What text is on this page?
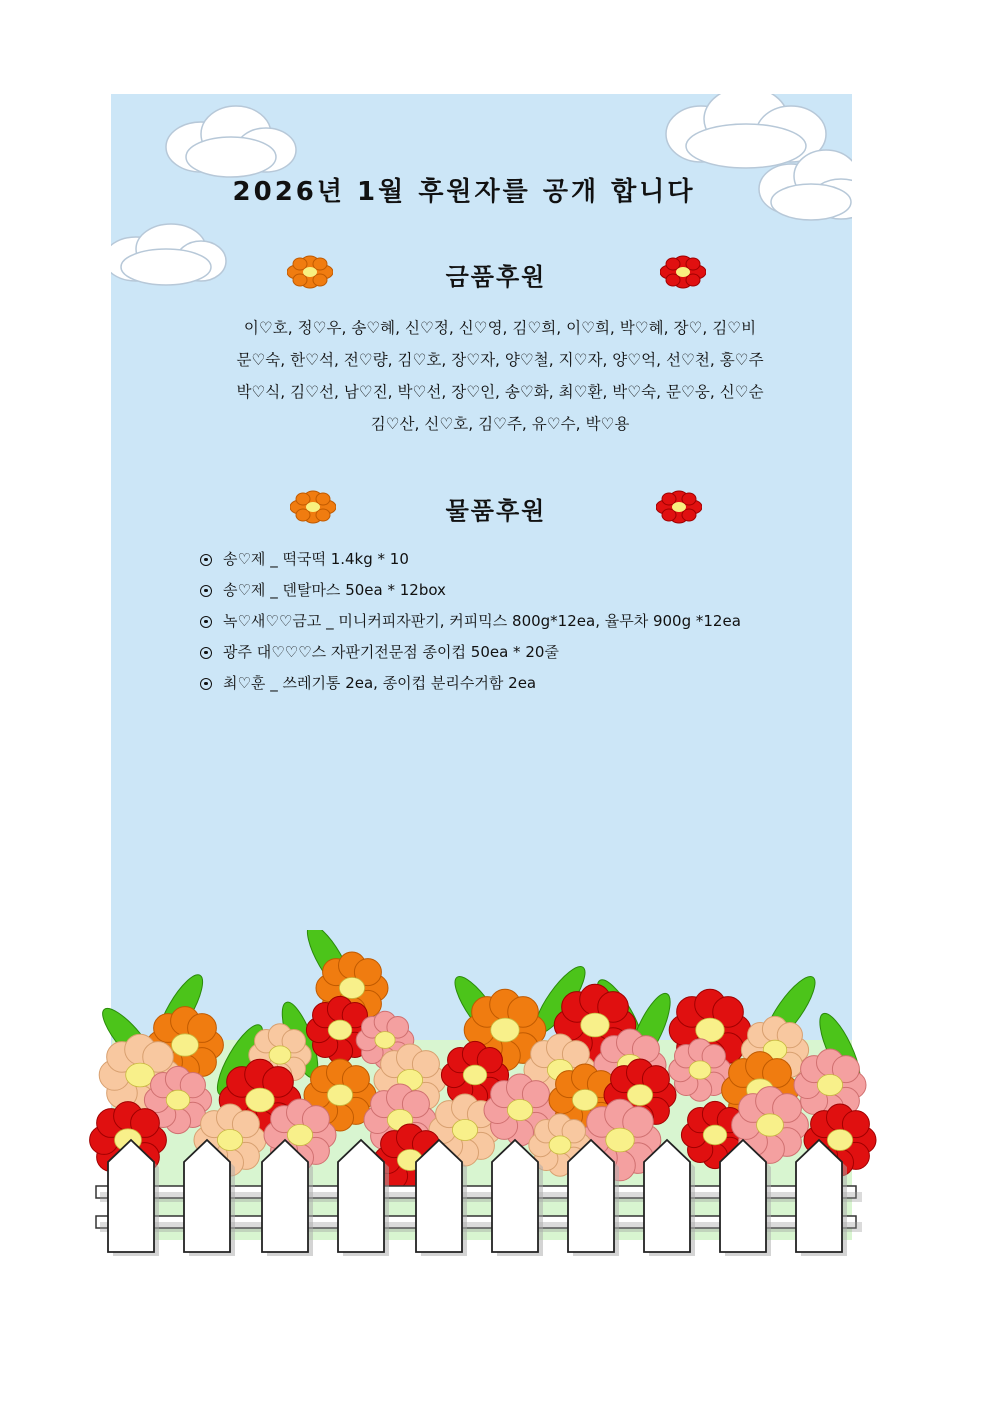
2026년 1월 후원자를 공개 합니다
금품후원
이♡호, 정♡우, 송♡혜, 신♡정, 신♡영, 김♡희, 이♡희, 박♡혜, 장♡, 김♡비
문♡숙, 한♡석, 전♡량, 김♡호, 장♡자, 양♡철, 지♡자, 양♡억, 선♡천, 홍♡주
박♡식, 김♡선, 남♡진, 박♡선, 장♡인, 송♡화, 최♡환, 박♡숙, 문♡웅, 신♡순
김♡산, 신♡호, 김♡주, 유♡수, 박♡용
물품후원
송♡제 _ 떡국떡 1.4kg * 10
송♡제 _ 덴탈마스 50ea * 12box
녹♡새♡♡금고 _ 미니커피자판기, 커피믹스 800g*12ea, 율무차 900g *12ea
광주 대♡♡♡스 자판기전문점 종이컵 50ea * 20줄
최♡훈 _ 쓰레기통 2ea, 종이컵 분리수거함 2ea
